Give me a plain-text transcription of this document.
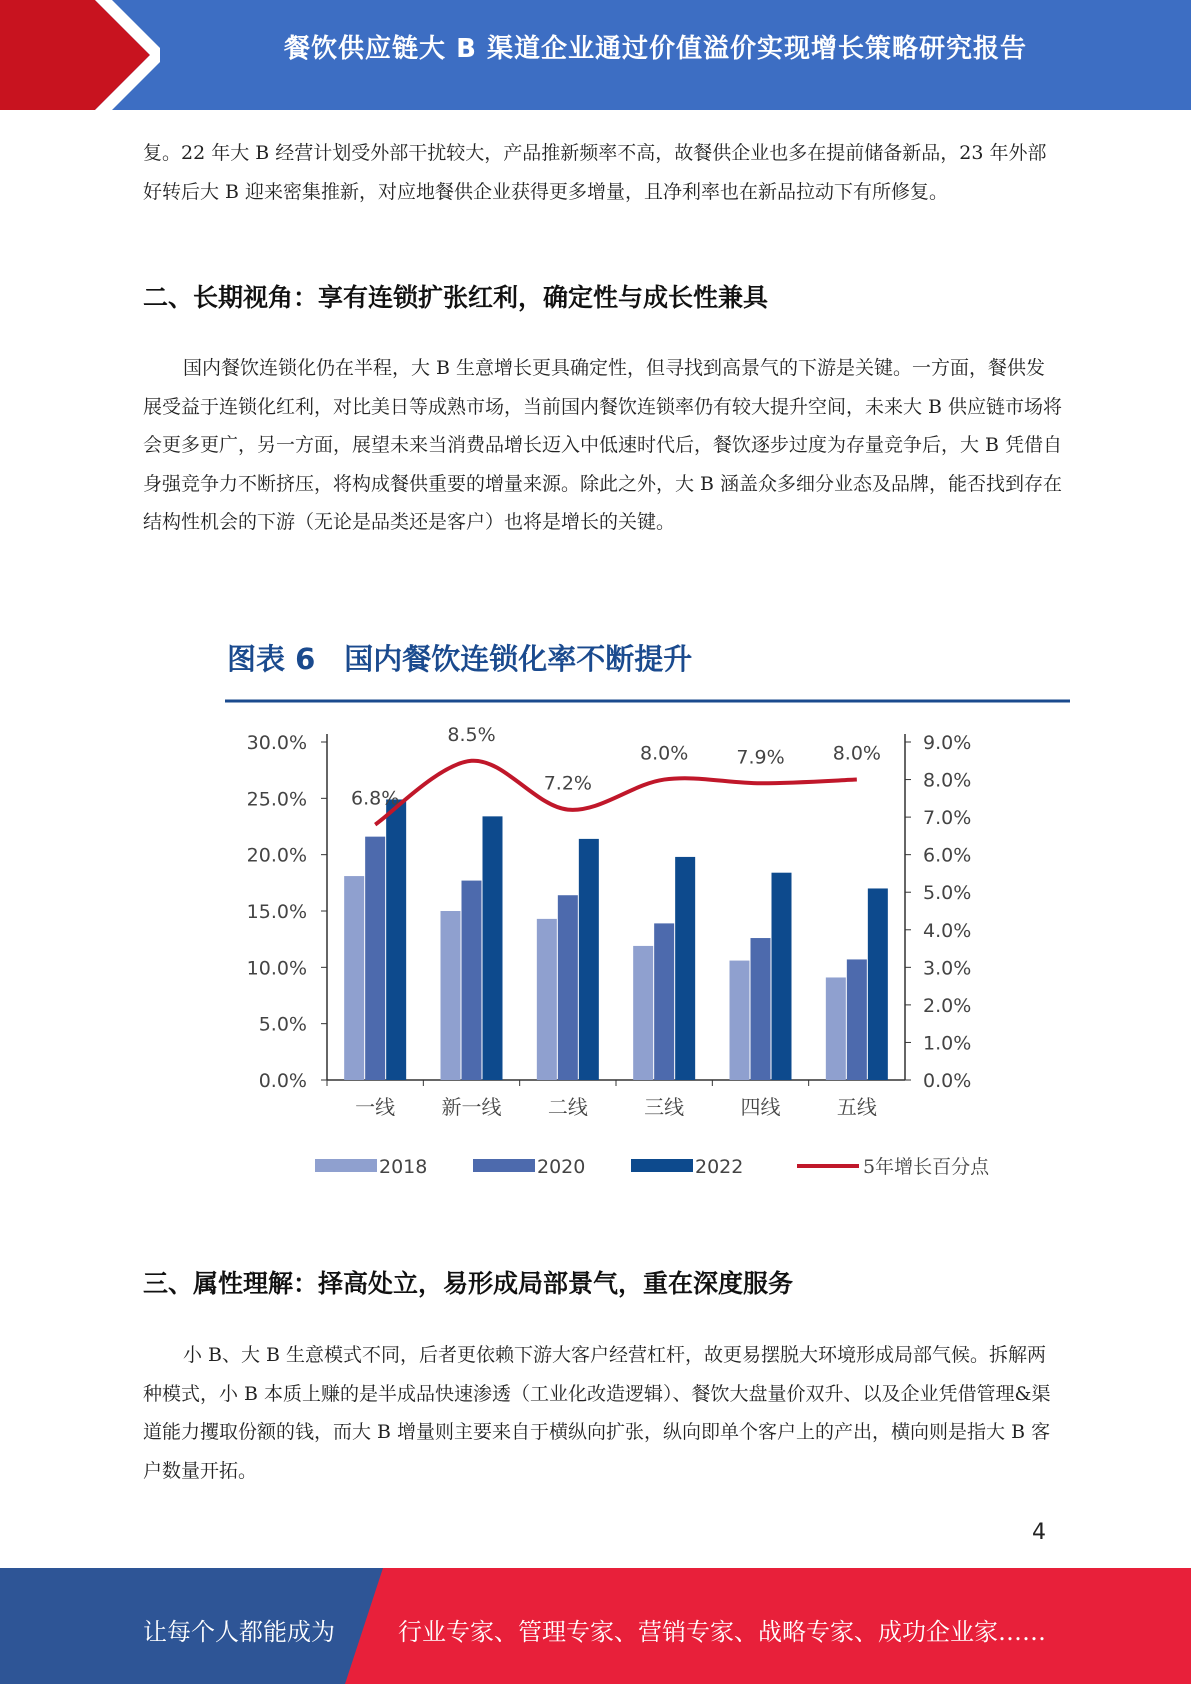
餐饮供应链大 B 渠道企业通过价值溢价实现增长策略研究报告

复。22 年大 B 经营计划受外部干扰较大，产品推新频率不高，故餐供企业也多在提前储备新品，23 年外部好转后大 B 迎来密集推新，对应地餐供企业获得更多增量，且净利率也在新品拉动下有所修复。

二、长期视角：享有连锁扩张红利，确定性与成长性兼具

国内餐饮连锁化仍在半程，大 B 生意增长更具确定性，但寻找到高景气的下游是关键。一方面，餐供发展受益于连锁化红利，对比美日等成熟市场，当前国内餐饮连锁率仍有较大提升空间，未来大 B 供应链市场将会更多更广，另一方面，展望未来当消费品增长迈入中低速时代后，餐饮逐步过度为存量竞争后，大 B 凭借自身强竞争力不断挤压，将构成餐供重要的增量来源。除此之外，大 B 涵盖众多细分业态及品牌，能否找到存在结构性机会的下游（无论是品类还是客户）也将是增长的关键。

图表 6　国内餐饮连锁化率不断提升
0.0%
5.0%
10.0%
15.0%
20.0%
25.0%
30.0%
0.0%
1.0%
2.0%
3.0%
4.0%
5.0%
6.0%
7.0%
8.0%
9.0%
一线 新一线 二线	三线	四线	五线
6.8%
8.5%
7.2%
8.0%	7.9%	8.0%
2018	2020	2022	5年增长百分点
4
三、属性理解：择高处立，易形成局部景气，重在深度服务

小 B、大 B 生意模式不同，后者更依赖下游大客户经营杠杆，故更易摆脱大环境形成局部气候。拆解两种模式，小 B 本质上赚的是半成品快速渗透（工业化改造逻辑）、餐饮大盘量价双升、以及企业凭借管理&渠道能力攫取份额的钱，而大 B 增量则主要来自于横纵向扩张，纵向即单个客户上的产出，横向则是指大 B 客户数量开拓。

让每个人都能成为	行业专家、管理专家、营销专家、战略专家、成功企业家……
